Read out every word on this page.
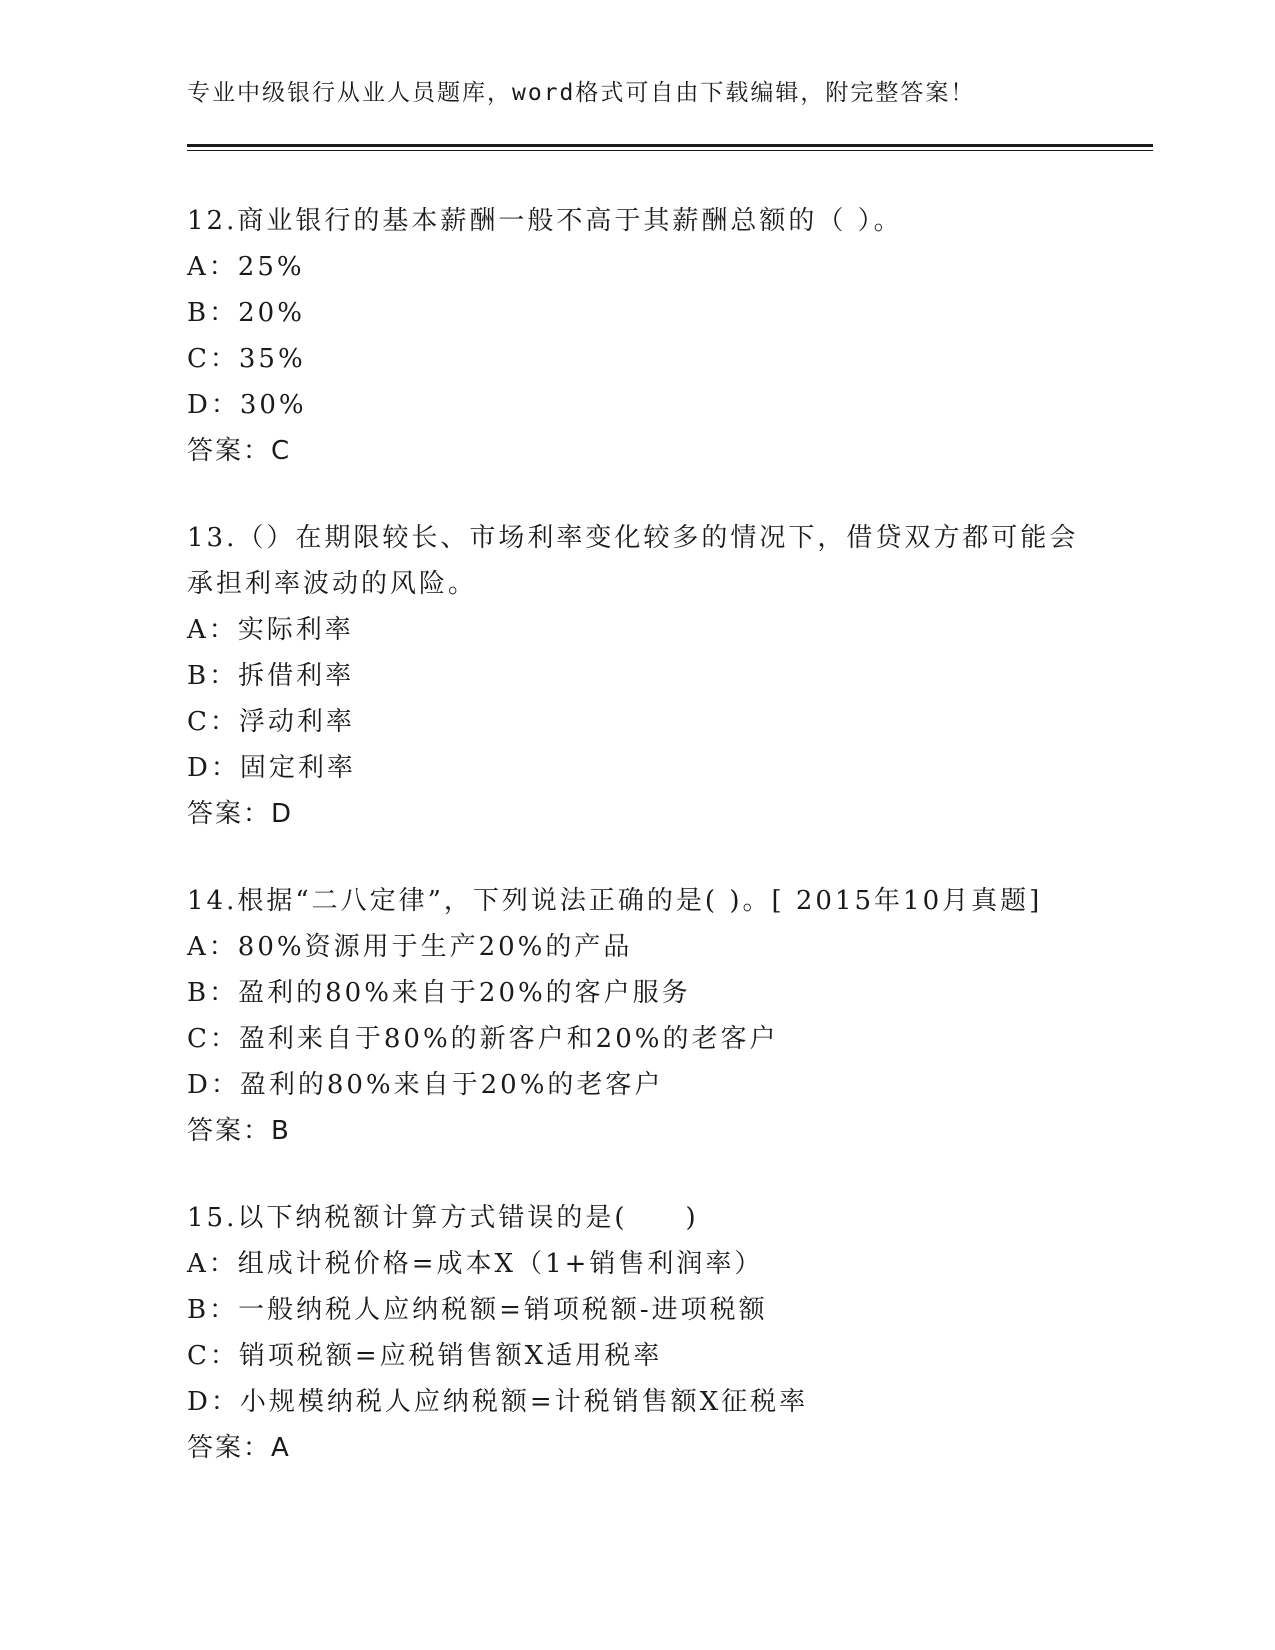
专业中级银行从业人员题库，word格式可自由下载编辑，附完整答案！
12.商业银行的基本薪酬一般不高于其薪酬总额的（ ）。
A：25%
B：20%
C：35%
D：30%
答案：C
13.（）在期限较长、市场利率变化较多的情况下，借贷双方都可能会承担利率波动的风险。
A：实际利率
B：拆借利率
C：浮动利率
D：固定利率
答案：D
14.根据“二八定律”，下列说法正确的是( )。[ 2015年10月真题]
A：80%资源用于生产20%的产品
B：盈利的80%来自于20%的客户服务
C：盈利来自于80%的新客户和20%的老客户
D：盈利的80%来自于20%的老客户
答案：B
15.以下纳税额计算方式错误的是(　　)
A：组成计税价格=成本X（1+销售利润率）
B：一般纳税人应纳税额=销项税额-进项税额
C：销项税额=应税销售额X适用税率
D：小规模纳税人应纳税额=计税销售额X征税率
答案：A
